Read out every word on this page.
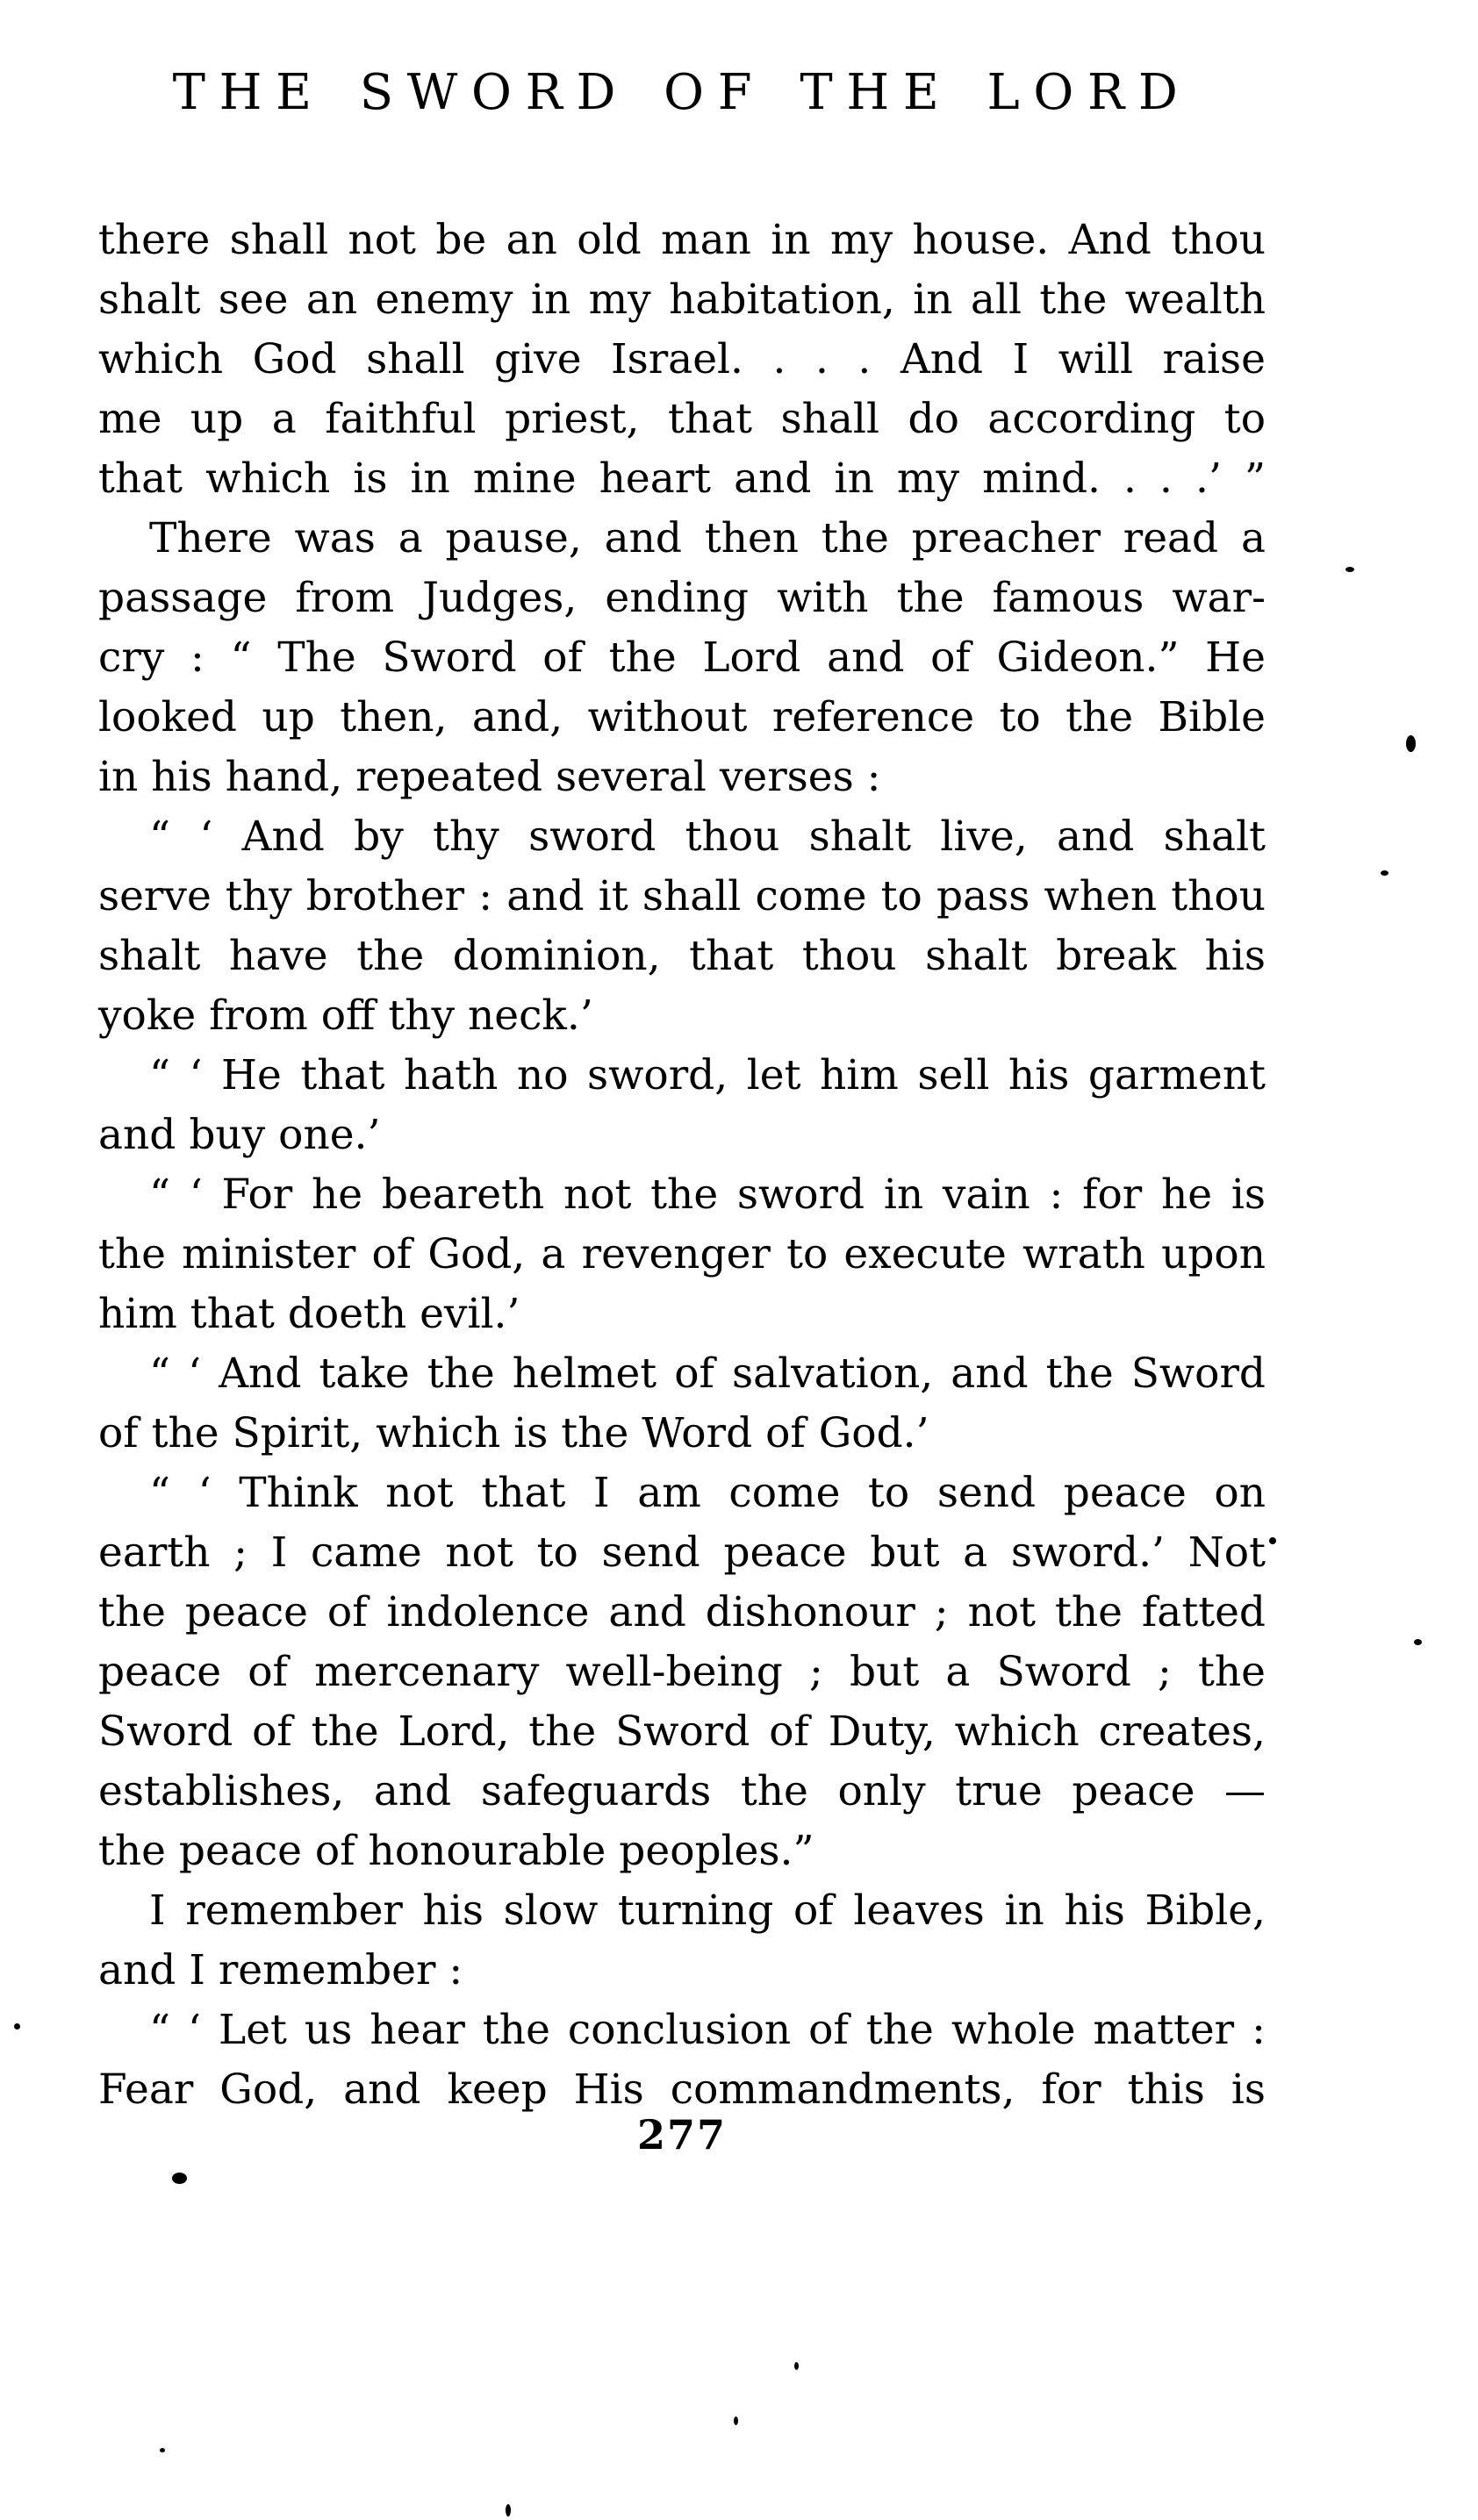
THE SWORD OF THE LORD
there shall not be an old man in my house. And thou
shalt see an enemy in my habitation, in all the wealth
which God shall give Israel. . . . And I will raise
me up a faithful priest, that shall do according to
that which is in mine heart and in my mind. . . .’ ”
There was a pause, and then the preacher read a
passage from Judges, ending with the famous war-
cry : “ The Sword of the Lord and of Gideon.” He
looked up then, and, without reference to the Bible
in his hand, repeated several verses :
“ ‘ And by thy sword thou shalt live, and shalt
serve thy brother : and it shall come to pass when thou
shalt have the dominion, that thou shalt break his
yoke from off thy neck.’
“ ‘ He that hath no sword, let him sell his garment
and buy one.’
“ ‘ For he beareth not the sword in vain : for he is
the minister of God, a revenger to execute wrath upon
him that doeth evil.’
“ ‘ And take the helmet of salvation, and the Sword
of the Spirit, which is the Word of God.’
“ ‘ Think not that I am come to send peace on
earth ; I came not to send peace but a sword.’ Not
the peace of indolence and dishonour ; not the fatted
peace of mercenary well-being ; but a Sword ; the
Sword of the Lord, the Sword of Duty, which creates,
establishes, and safeguards the only true peace —
the peace of honourable peoples.”
I remember his slow turning of leaves in his Bible,
and I remember :
“ ‘ Let us hear the conclusion of the whole matter :
Fear God, and keep His commandments, for this is
277
